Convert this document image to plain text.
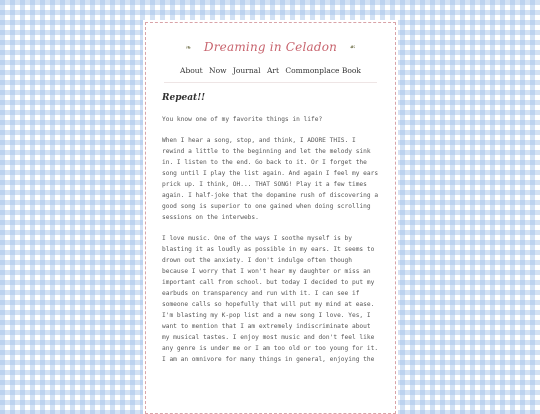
❧ Dreaming in Celadon ☙
About Now Journal Art Commonplace Book
Repeat!!

You know one of my favorite things in life?

When I hear a song, stop, and think, I ADORE THIS. I rewind a little to the beginning and let the melody sink in. I listen to the end. Go back to it. Or I forget the song until I play the list again. And again I feel my ears prick up. I think, OH... THAT SONG! Play it a few times again. I half-joke that the dopamine rush of discovering a good song is superior to one gained when doing scrolling sessions on the interwebs.

I love music. One of the ways I soothe myself is by blasting it as loudly as possible in my ears. It seems to drown out the anxiety. I don't indulge often though because I worry that I won't hear my daughter or miss an important call from school. but today I decided to put my earbuds on transparency and run with it. I can see if someone calls so hopefully that will put my mind at ease. I'm blasting my K-pop list and a new song I love. Yes, I want to mention that I am extremely indiscriminate about my musical tastes. I enjoy most music and don't feel like any genre is under me or I am too old or too young for it. I am an omnivore for many things in general, enjoying the
